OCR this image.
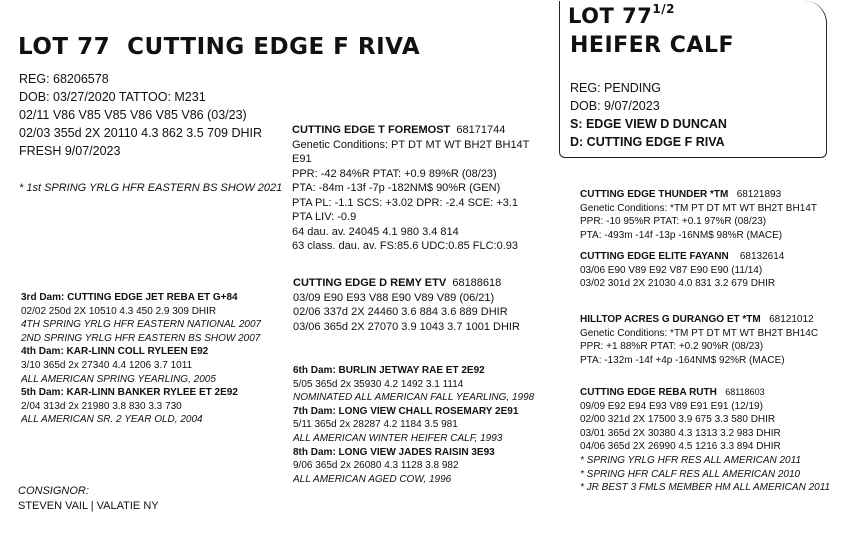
LOT 77 CUTTING EDGE F RIVA
REG: 68206578
DOB: 03/27/2020 TATTOO: M231
02/11 V86 V85 V85 V86 V85 V86 (03/23)
02/03 355d 2X 20110 4.3 862 3.5 709 DHIR
FRESH 9/07/2023
* 1st SPRING YRLG HFR EASTERN BS SHOW 2021
LOT $77^{1/2}$
HEIFER CALF
REG: PENDING
DOB: 9/07/2023
S: EDGE VIEW D DUNCAN
D: CUTTING EDGE F RIVA
CUTTING EDGE T FOREMOST 68171744
Genetic Conditions: PT DT MT WT BH2T BH14T
E91
PPR: -42 84%R PTAT: +0.9 89%R (08/23)
PTA: -84m -13f -7p -182NM$ 90%R (GEN)
PTA PL: -1.1 SCS: +3.02 DPR: -2.4 SCE: +3.1
PTA LIV: -0.9
64 dau. av. 24045 4.1 980 3.4 814
63 class. dau. av. FS:85.6 UDC:0.85 FLC:0.93
CUTTING EDGE D REMY ETV 68188618
03/09 E90 E93 V88 E90 V89 V89 (06/21)
02/06 337d 2X 24460 3.6 884 3.6 889 DHIR
03/06 365d 2X 27070 3.9 1043 3.7 1001 DHIR
CUTTING EDGE THUNDER *TM 68121893
Genetic Conditions: *TM PT DT MT WT BH2T BH14T
PPR: -10 95%R PTAT: +0.1 97%R (08/23)
PTA: -493m -14f -13p -16NM$ 98%R (MACE)
CUTTING EDGE ELITE FAYANN 68132614
03/06 E90 V89 E92 V87 E90 E90 (11/14)
03/02 301d 2X 21030 4.0 831 3.2 679 DHIR
HILLTOP ACRES G DURANGO ET *TM 68121012
Genetic Conditions: *TM PT DT MT WT BH2T BH14C
PPR: +1 88%R PTAT: +0.2 90%R (08/23)
PTA: -132m -14f +4p -164NM$ 92%R (MACE)
CUTTING EDGE REBA RUTH 68118603
09/09 E92 E94 E93 V89 E91 E91 (12/19)
02/00 321d 2X 17500 3.9 675 3.3 580 DHIR
03/01 365d 2X 30380 4.3 1313 3.2 983 DHIR
04/06 365d 2X 26990 4.5 1216 3.3 894 DHIR
* SPRING YRLG HFR RES ALL AMERICAN 2011
* SPRING HFR CALF RES ALL AMERICAN 2010
* JR BEST 3 FMLS MEMBER HM ALL AMERICAN 2011
3rd Dam: CUTTING EDGE JET REBA ET G+84
02/02 250d 2X 10510 4.3 450 2.9 309 DHIR
4TH SPRING YRLG HFR EASTERN NATIONAL 2007
2ND SPRING YRLG HFR EASTERN BS SHOW 2007
4th Dam: KAR-LINN COLL RYLEEN E92
3/10 365d 2x 27340 4.4 1206 3.7 1011
ALL AMERICAN SPRING YEARLING, 2005
5th Dam: KAR-LINN BANKER RYLEE ET 2E92
2/04 313d 2x 21980 3.8 830 3.3 730
ALL AMERICAN SR. 2 YEAR OLD, 2004
6th Dam: BURLIN JETWAY RAE ET 2E92
5/05 365d 2x 35930 4.2 1492 3.1 1114
NOMINATED ALL AMERICAN FALL YEARLING, 1998
7th Dam: LONG VIEW CHALL ROSEMARY 2E91
5/11 365d 2x 28287 4.2 1184 3.5 981
ALL AMERICAN WINTER HEIFER CALF, 1993
8th Dam: LONG VIEW JADES RAISIN 3E93
9/06 365d 2x 26080 4.3 1128 3.8 982
ALL AMERICAN AGED COW, 1996
CONSIGNOR:
STEVEN VAIL | VALATIE NY
